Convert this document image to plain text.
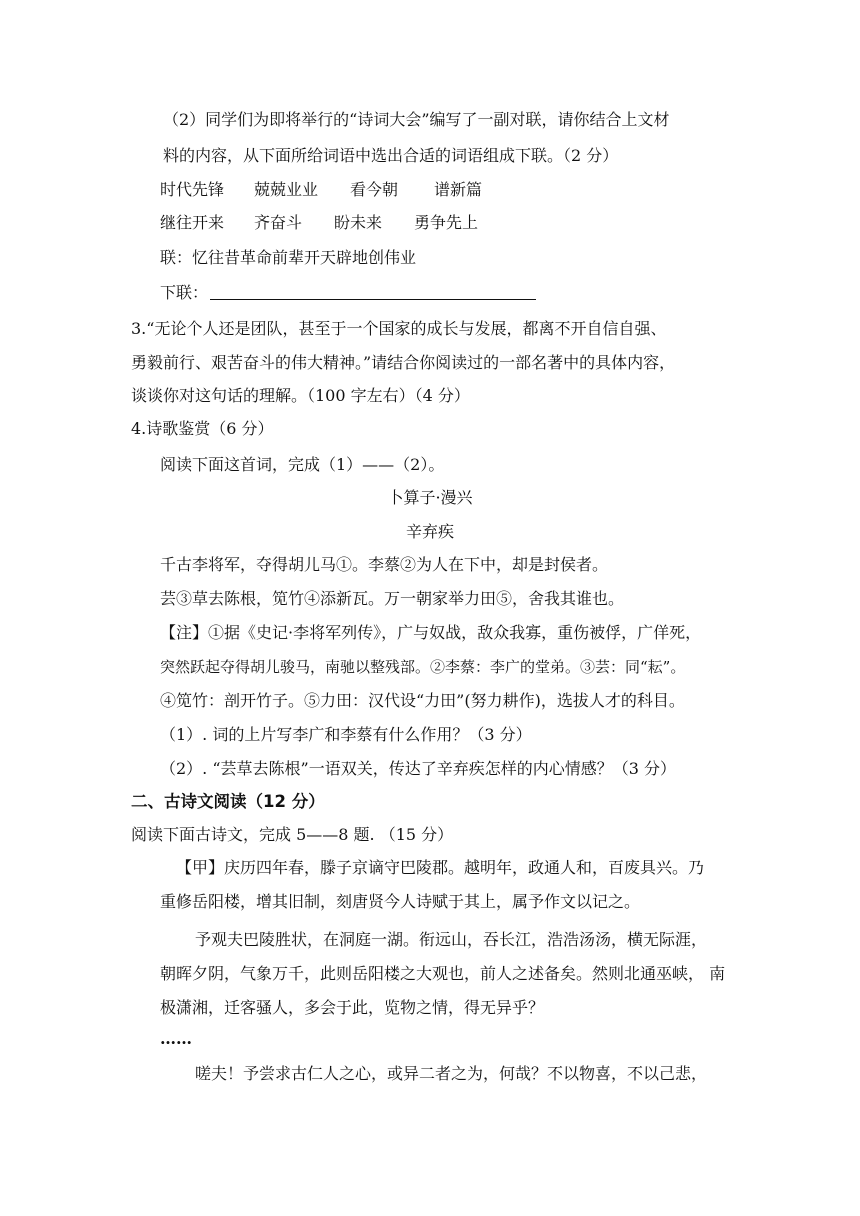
（2）同学们为即将举行的“诗词大会”编写了一副对联，请你结合上文材
料的内容，从下面所给词语中选出合适的词语组成下联。（2 分）
时代先锋 兢兢业业 看今朝 谱新篇
继往开来 齐奋斗 盼未来 勇争先上
联：忆往昔革命前辈开天辟地创伟业
下联：
3.“无论个人还是团队，甚至于一个国家的成长与发展，都离不开自信自强、
勇毅前行、艰苦奋斗的伟大精神。”请结合你阅读过的一部名著中的具体内容，
谈谈你对这句话的理解。（100 字左右）（4 分）
4.诗歌鉴赏（6 分）
阅读下面这首词，完成（1）——（2）。
卜算子·漫兴
辛弃疾
千古李将军，夺得胡儿马①。李蔡②为人在下中，却是封侯者。
芸③草去陈根，笕竹④添新瓦。万一朝家举力田⑤，舍我其谁也。
【注】①据《史记·李将军列传》，广与奴战，敌众我寡，重伤被俘，广佯死，
突然跃起夺得胡儿骏马，南驰以整残部。②李蔡：李广的堂弟。③芸：同“耘”。
④笕竹：剖开竹子。⑤力田：汉代设“力田”(努力耕作)，选拔人才的科目。
（1）. 词的上片写李广和李蔡有什么作用？（3 分）
（2）. “芸草去陈根”一语双关，传达了辛弃疾怎样的内心情感？（3 分）
二、古诗文阅读（12 分）
阅读下面古诗文，完成 5——8 题. （15 分）
【甲】庆历四年春，滕子京谪守巴陵郡。越明年，政通人和，百废具兴。乃
重修岳阳楼，增其旧制，刻唐贤今人诗赋于其上，属予作文以记之。
予观夫巴陵胜状，在洞庭一湖。衔远山，吞长江，浩浩汤汤，横无际涯，
朝晖夕阴，气象万千，此则岳阳楼之大观也，前人之述备矣。然则北通巫峡， 南
极潇湘，迁客骚人，多会于此，览物之情，得无异乎？
……
嗟夫！予尝求古仁人之心，或异二者之为，何哉？不以物喜，不以己悲，
